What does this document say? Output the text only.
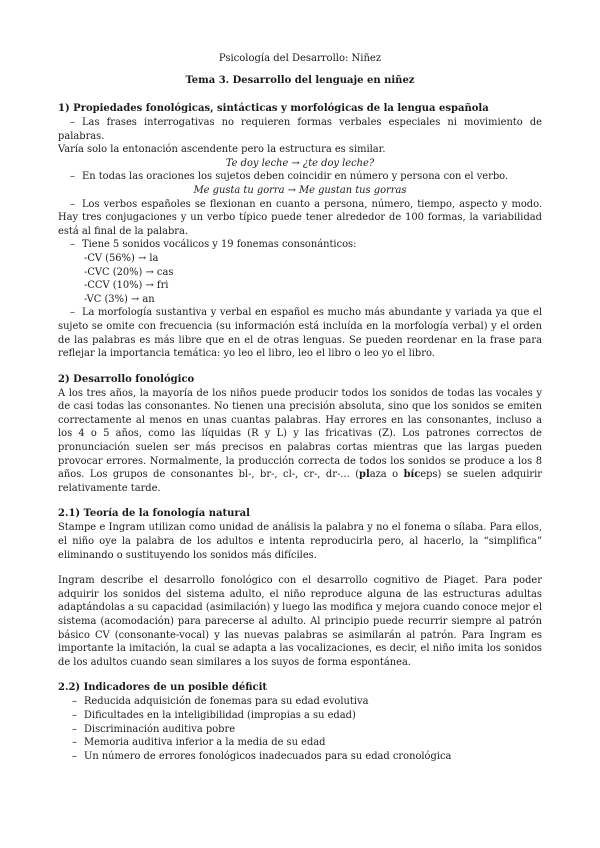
Psicología del Desarrollo: Niñez
Tema 3. Desarrollo del lenguaje en niñez
1) Propiedades fonológicas, sintácticas y morfológicas de la lengua española
– Las frases interrogativas no requieren formas verbales especiales ni movimiento de palabras.
Varía solo la entonación ascendente pero la estructura es similar.
Te doy leche → ¿te doy leche?
– En todas las oraciones los sujetos deben coincidir en número y persona con el verbo.
Me gusta tu gorra → Me gustan tus gorras
– Los verbos españoles se flexionan en cuanto a persona, número, tiempo, aspecto y modo. Hay tres conjugaciones y un verbo típico puede tener alrededor de 100 formas, la variabilidad está al final de la palabra.
– Tiene 5 sonidos vocálicos y 19 fonemas consonánticos:
-CV (56%) → la
-CVC (20%) → cas
-CCV (10%) → fri
-VC (3%) → an
– La morfología sustantiva y verbal en español es mucho más abundante y variada ya que el sujeto se omite con frecuencia (su información está incluída en la morfología verbal) y el orden de las palabras es más libre que en el de otras lenguas. Se pueden reordenar en la frase para reflejar la importancia temática: yo leo el libro, leo el libro o leo yo el libro.
2) Desarrollo fonológico

A los tres años, la mayoría de los niños puede producir todos los sonidos de todas las vocales y de casi todas las consonantes. No tienen una precisión absoluta, sino que los sonidos se emiten correctamente al menos en unas cuantas palabras. Hay errores en las consonantes, incluso a los 4 o 5 años, como las líquidas (R y L) y las fricativas (Z). Los patrones correctos de pronunciación suelen ser más precisos en palabras cortas mientras que las largas pueden provocar errores. Normalmente, la producción correcta de todos los sonidos se produce a los 8 años. Los grupos de consonantes bl-, br-, cl-, cr-, dr-... (plaza o bíceps) se suelen adquirir relativamente tarde.

2.1) Teoría de la fonología natural

Stampe e Ingram utilizan como unidad de análisis la palabra y no el fonema o sílaba. Para ellos, el niño oye la palabra de los adultos e intenta reproducirla pero, al hacerlo, la “simplifica” eliminando o sustituyendo los sonidos más difíciles.

Ingram describe el desarrollo fonológico con el desarrollo cognitivo de Piaget. Para poder adquirir los sonidos del sistema adulto, el niño reproduce alguna de las estructuras adultas adaptándolas a su capacidad (asimilación) y luego las modifica y mejora cuando conoce mejor el sistema (acomodación) para parecerse al adulto. Al principio puede recurrir siempre al patrón básico CV (consonante-vocal) y las nuevas palabras se asimilarán al patrón. Para Ingram es importante la imitación, la cual se adapta a las vocalizaciones, es decir, el niño imita los sonidos de los adultos cuando sean similares a los suyos de forma espontánea.

2.2) Indicadores de un posible déficit
– Reducida adquisición de fonemas para su edad evolutiva
– Dificultades en la inteligibilidad (impropias a su edad)
– Discriminación auditiva pobre
– Memoria auditiva inferior a la media de su edad
– Un número de errores fonológicos inadecuados para su edad cronológica
